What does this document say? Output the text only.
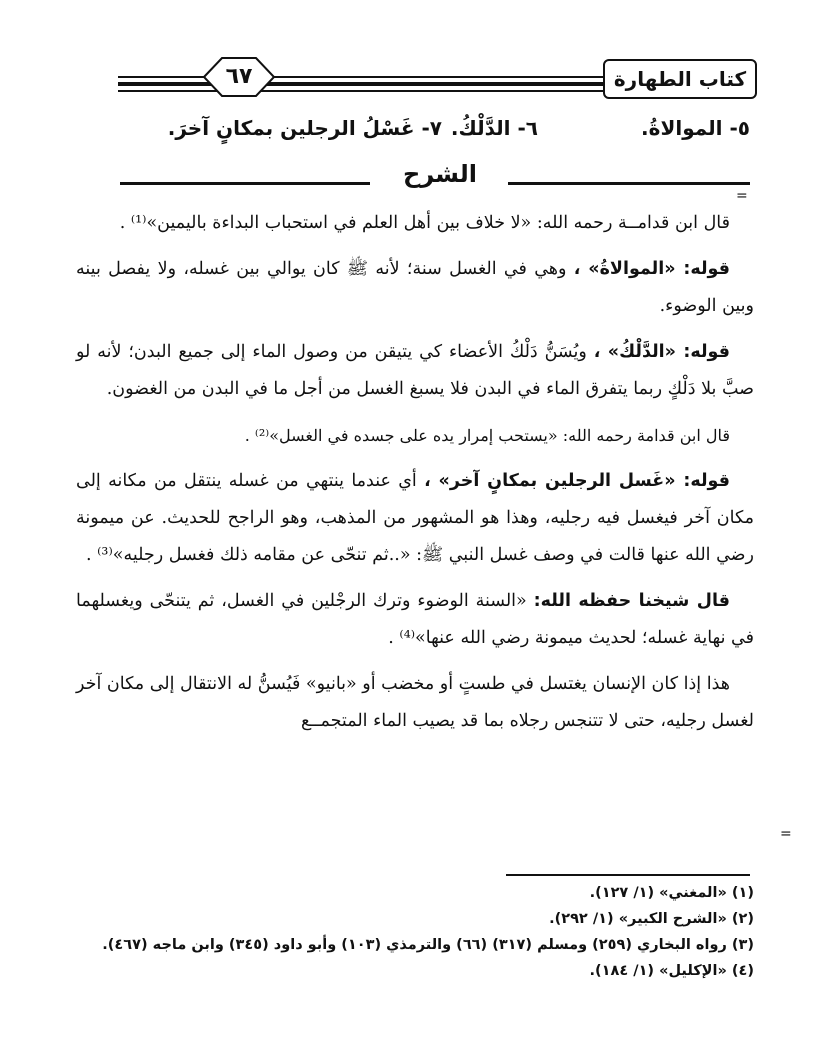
٦٧	كتاب الطهارة
٥- الموالاةُ.
٦- الدَّلْكُ.
٧- غَسْلُ الرجلين بمكانٍ آخرَ.
الشرح
=

قال ابن قدامــة رحمه الله: «لا خلاف بين أهل العلم في استحباب البداءة باليمين»⁽¹⁾ .

قوله: «الموالاةُ» ، وهي في الغسل سنة؛ لأنه ﷺ كان يوالي بين غسله، ولا يفصل بينه وبين الوضوء.

قوله: «الدَّلْكُ» ، ويُسَنُّ دَلْكُ الأعضاء كي يتيقن من وصول الماء إلى جميع البدن؛ لأنه لو صبَّ بلا دَلْكٍ ربما يتفرق الماء في البدن فلا يسبغ الغسل من أجل ما في البدن من الغضون.

قال ابن قدامة رحمه الله: «يستحب إمرار يده على جسده في الغسل»⁽²⁾ .

قوله: «غَسل الرجلين بمكانٍ آخر» ، أي عندما ينتهي من غسله ينتقل من مكانه إلى مكان آخر فيغسل فيه رجليه، وهذا هو المشهور من المذهب، وهو الراجح للحديث. عن ميمونة رضي الله عنها قالت في وصف غسل النبي ﷺ: «..ثم تنحّى عن مقامه ذلك فغسل رجليه»⁽³⁾ .

قال شيخنا حفظه الله: «السنة الوضوء وترك الرجْلين في الغسل، ثم يتنحّى ويغسلهما في نهاية غسله؛ لحديث ميمونة رضي الله عنها»⁽⁴⁾ .

هذا إذا كان الإنسان يغتسل في طستٍ أو مخضب أو «بانيو» فَيُسنُّ له الانتقال إلى مكان آخر لغسل رجليه، حتى لا تتنجس رجلاه بما قد يصيب الماء المتجمــع

=
(١) «المغني» (١/ ١٢٧).
(٢) «الشرح الكبير» (١/ ٢٩٢).
(٣) رواه البخاري (٢٥٩) ومسلم (٣١٧) (٦٦) والترمذي (١٠٣) وأبو داود (٣٤٥) وابن ماجه (٤٦٧).
(٤) «الإكليل» (١/ ١٨٤).
